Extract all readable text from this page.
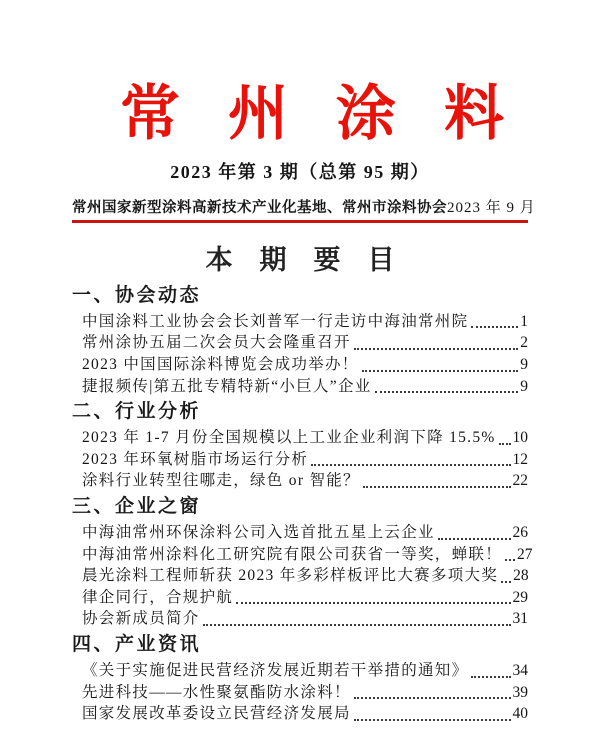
常州涂料
2023 年第 3 期（总第 95 期）
常州国家新型涂料高新技术产业化基地、常州市涂料协会 2023 年 9 月
本期要目
一、协会动态
中国涂料工业协会会长刘普军一行走访中海油常州院	1
常州涂协五届二次会员大会隆重召开	2
2023 中国国际涂料博览会成功举办！	9
捷报频传|第五批专精特新“小巨人”企业	9
二、行业分析
2023 年 1-7 月份全国规模以上工业企业利润下降 15.5% 10
2023 年环氧树脂市场运行分析	12
涂料行业转型往哪走，绿色 or 智能？	22
三、企业之窗
中海油常州环保涂料公司入选首批五星上云企业	26
中海油常州涂料化工研究院有限公司获省一等奖，蝉联！ 27
晨光涂料工程师斩获 2023 年多彩样板评比大赛多项大奖 28
律企同行，合规护航	29
协会新成员简介	31
四、产业资讯
《关于实施促进民营经济发展近期若干举措的通知》	34
先进科技——水性聚氨酯防水涂料！	39
国家发展改革委设立民营经济发展局	40
